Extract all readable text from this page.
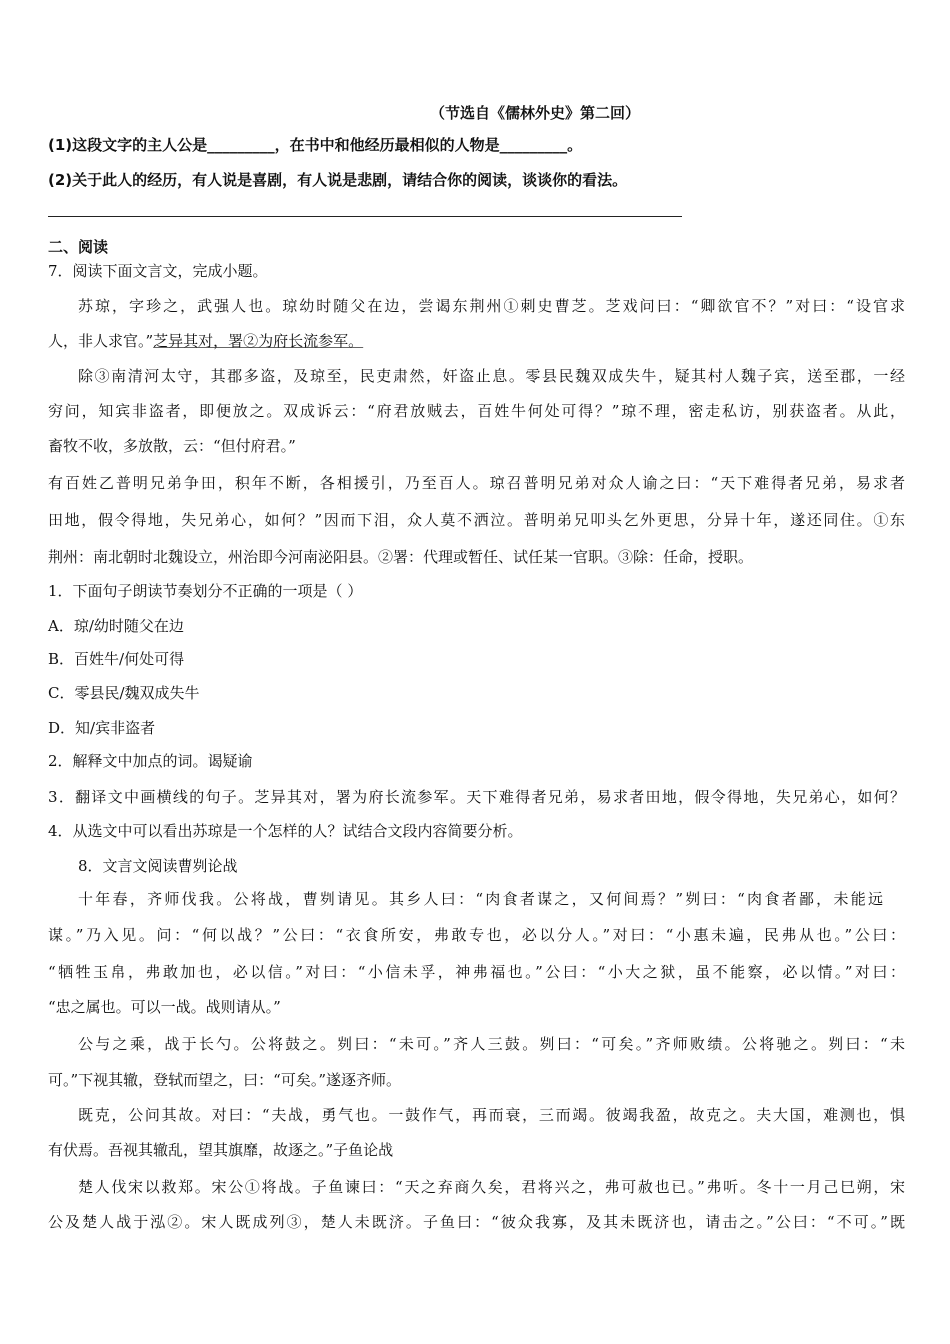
（节选自《儒林外史》第二回）
(1)这段文字的主人公是_________，在书中和他经历最相似的人物是_________。
(2)关于此人的经历，有人说是喜剧，有人说是悲剧，请结合你的阅读，谈谈你的看法。
二、阅读
7．阅读下面文言文，完成小题。
苏琼，字珍之，武强人也。琼幼时随父在边，尝谒东荆州①刺史曹芝。芝戏问曰：“卿欲官不？”对曰：“设官求
人，非人求官。”芝异其对，署②为府长流参军。
除③南清河太守，其郡多盗，及琼至，民吏肃然，奸盗止息。零县民魏双成失牛，疑其村人魏子宾，送至郡，一经
穷问，知宾非盗者，即便放之。双成诉云：“府君放贼去，百姓牛何处可得？”琼不理，密走私访，别获盗者。从此，
畜牧不收，多放散，云：“但付府君。”
有百姓乙普明兄弟争田，积年不断，各相援引，乃至百人。琼召普明兄弟对众人谕之曰：“天下难得者兄弟，易求者
田地，假令得地，失兄弟心，如何？”因而下泪，众人莫不洒泣。普明弟兄叩头乞外更思，分异十年，遂还同住。①东
荆州：南北朝时北魏设立，州治即今河南泌阳县。②署：代理或暂任、试任某一官职。③除：任命，授职。
1．下面句子朗读节奏划分不正确的一项是（ ）
A．琼/幼时随父在边
B．百姓牛/何处可得
C．零县民/魏双成失牛
D．知/宾非盗者
2．解释文中加点的词。谒疑谕
3．翻译文中画横线的句子。芝异其对，署为府长流参军。天下难得者兄弟，易求者田地，假令得地，失兄弟心，如何？
4．从选文中可以看出苏琼是一个怎样的人？试结合文段内容简要分析。
8．文言文阅读曹刿论战
十年春，齐师伐我。公将战，曹刿请见。其乡人曰：“肉食者谋之，又何间焉？”刿曰：“肉食者鄙，未能远
谋。”乃入见。问：“何以战？”公曰：“衣食所安，弗敢专也，必以分人。”对曰：“小惠未遍，民弗从也。”公曰：
“牺牲玉帛，弗敢加也，必以信。”对曰：“小信未孚，神弗福也。”公曰：“小大之狱，虽不能察，必以情。”对曰：
“忠之属也。可以一战。战则请从。”
公与之乘，战于长勺。公将鼓之。刿曰：“未可。”齐人三鼓。刿曰：“可矣。”齐师败绩。公将驰之。刿曰：“未
可。”下视其辙，登轼而望之，曰：“可矣。”遂逐齐师。
既克，公问其故。对曰：“夫战，勇气也。一鼓作气，再而衰，三而竭。彼竭我盈，故克之。夫大国，难测也，惧
有伏焉。吾视其辙乱，望其旗靡，故逐之。”子鱼论战
楚人伐宋以救郑。宋公①将战。子鱼谏曰：“天之弃商久矣，君将兴之，弗可赦也已。”弗听。冬十一月己巳朔，宋
公及楚人战于泓②。宋人既成列③，楚人未既济。子鱼曰：“彼众我寡，及其未既济也，请击之。”公曰：“不可。”既
